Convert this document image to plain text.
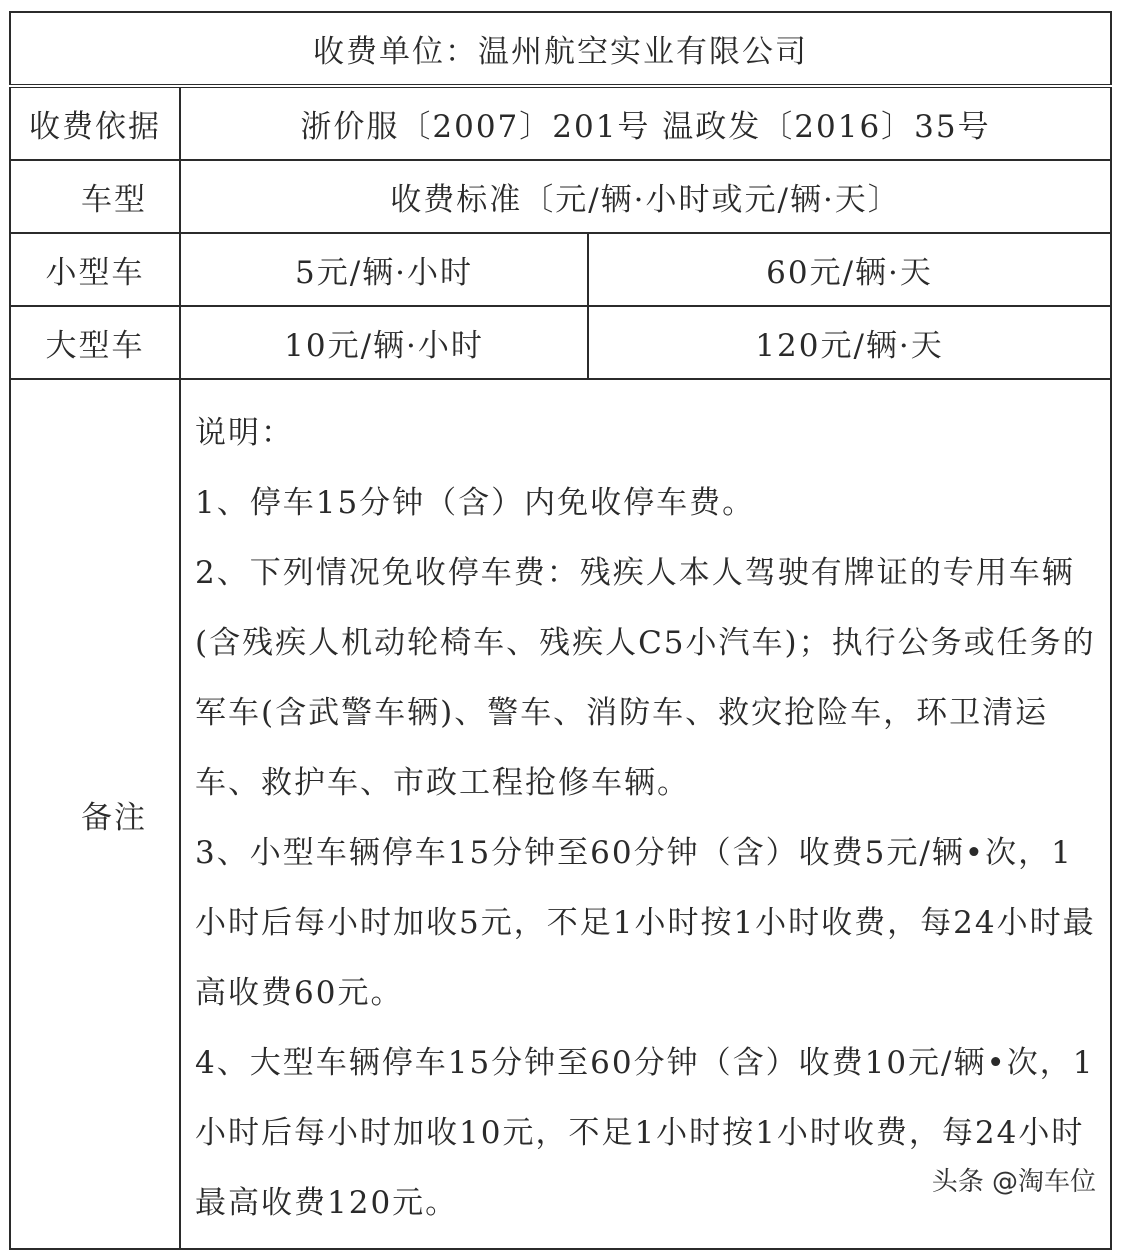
收费单位：温州航空实业有限公司		
收费依据	浙价服〔2007〕201号 温政发〔2016〕35号	
车型	收费标准〔元/辆·小时或元/辆·天〕	
小型车	5元/辆·小时	60元/辆·天
大型车	10元/辆·小时	120元/辆·天
备注	说明：

1、停车15分钟（含）内免收停车费。

2、下列情况免收停车费：残疾人本人驾驶有牌证的专用车辆(含残疾人机动轮椅车、残疾人C5小汽车)；执行公务或任务的军车(含武警车辆)、警车、消防车、救灾抢险车，环卫清运车、救护车、市政工程抢修车辆。

3、小型车辆停车15分钟至60分钟（含）收费5元/辆•次，1小时后每小时加收5元，不足1小时按1小时收费，每24小时最高收费60元。

4、大型车辆停车15分钟至60分钟（含）收费10元/辆•次，1小时后每小时加收10元，不足1小时按1小时收费，每24小时最高收费120元。	

头条 @淘车位
